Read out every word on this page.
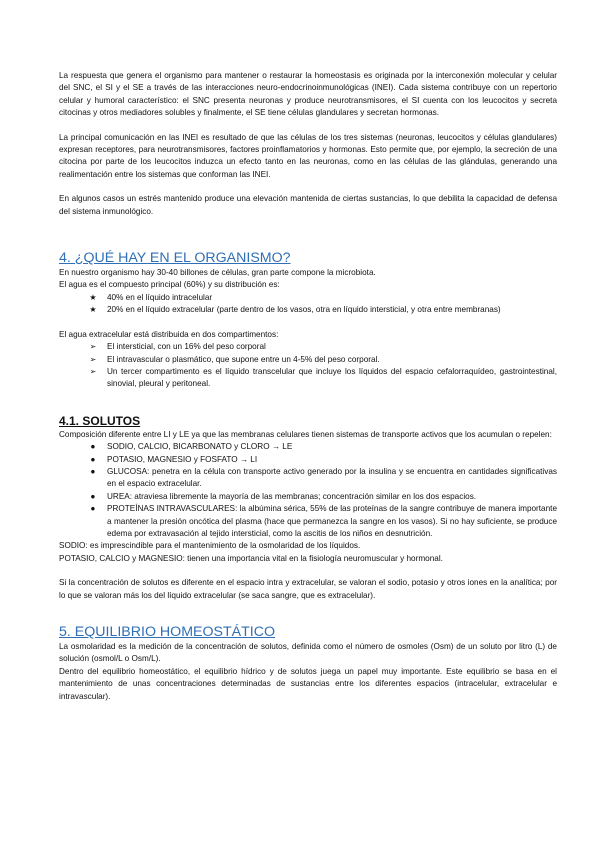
La respuesta que genera el organismo para mantener o restaurar la homeostasis es originada por la interconexión molecular y celular del SNC, el SI y el SE a través de las interacciones neuro-endocrinoinmunológicas (INEI). Cada sistema contribuye con un repertorio celular y humoral característico: el SNC presenta neuronas y produce neurotransmisores, el SI cuenta con los leucocitos y secreta citocinas y otros mediadores solubles y finalmente, el SE tiene células glandulares y secretan hormonas.

La principal comunicación en las INEI es resultado de que las células de los tres sistemas (neuronas, leucocitos y células glandulares) expresan receptores, para neurotransmisores, factores proinflamatorios y hormonas. Esto permite que, por ejemplo, la secreción de una citocina por parte de los leucocitos induzca un efecto tanto en las neuronas, como en las células de las glándulas, generando una realimentación entre los sistemas que conforman las INEI.

En algunos casos un estrés mantenido produce una elevación mantenida de ciertas sustancias, lo que debilita la capacidad de defensa del sistema inmunológico.

4. ¿QUÉ HAY EN EL ORGANISMO?

En nuestro organismo hay 30-40 billones de células, gran parte compone la microbiota.

El agua es el compuesto principal (60%) y su distribución es:

★ 40% en el líquido intracelular
★ 20% en el líquido extracelular (parte dentro de los vasos, otra en líquido intersticial, y otra entre membranas)

El agua extracelular está distribuida en dos compartimentos:

➢	El intersticial, con un 16% del peso corporal
➢	El intravascular o plasmático, que supone entre un 4-5% del peso corporal.
➢	Un tercer compartimento es el líquido transcelular que incluye los líquidos del espacio cefalorraquídeo, gastrointestinal, sinovial, pleural y peritoneal.
4.1. SOLUTOS

Composición diferente entre LI y LE ya que las membranas celulares tienen sistemas de transporte activos que los acumulan o repelen:

●	SODIO, CALCIO, BICARBONATO y CLORO → LE
●	POTASIO, MAGNESIO y FOSFATO → LI
●	GLUCOSA: penetra en la célula con transporte activo generado por la insulina y se encuentra en cantidades significativas en el espacio extracelular.
●	UREA: atraviesa libremente la mayoría de las membranas; concentración similar en los dos espacios.
●	PROTEÍNAS INTRAVASCULARES: la albúmina sérica, 55% de las proteínas de la sangre contribuye de manera importante a mantener la presión oncótica del plasma (hace que permanezca la sangre en los vasos). Si no hay suficiente, se produce edema por extravasación al tejido intersticial, como la ascitis de los niños en desnutrición.

SODIO: es imprescindible para el mantenimiento de la osmolaridad de los líquidos.

POTASIO, CALCIO y MAGNESIO: tienen una importancia vital en la fisiología neuromuscular y hormonal.

Si la concentración de solutos es diferente en el espacio intra y extracelular, se valoran el sodio, potasio y otros iones en la analítica; por lo que se valoran más los del líquido extracelular (se saca sangre, que es extracelular).

5. EQUILIBRIO HOMEOSTÁTICO

La osmolaridad es la medición de la concentración de solutos, definida como el número de osmoles (Osm) de un soluto por litro (L) de solución (osmol/L o Osm/L).

Dentro del equilibrio homeostático, el equilibrio hídrico y de solutos juega un papel muy importante. Este equilibrio se basa en el mantenimiento de unas concentraciones determinadas de sustancias entre los diferentes espacios (intracelular, extracelular e intravascular).
